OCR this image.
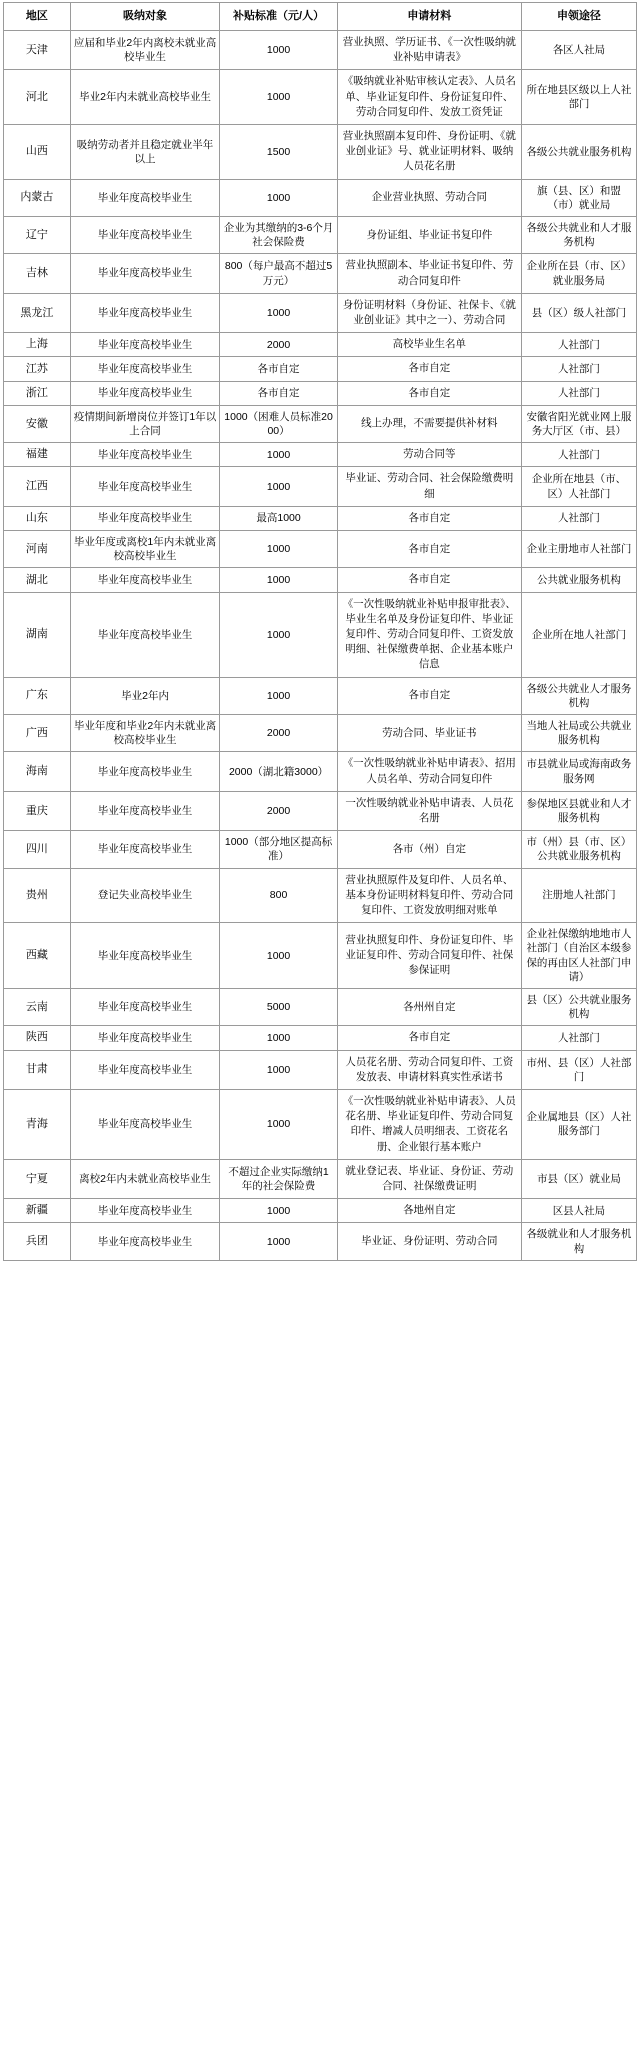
地区	吸纳对象	补贴标准（元/人）	申请材料	申领途径
天津	应届和毕业2年内离校未就业高校毕业生	1000	营业执照、学历证书、《一次性吸纳就业补贴申请表》	各区人社局
河北	毕业2年内未就业高校毕业生	1000	《吸纳就业补贴审核认定表》、人员名单、毕业证复印件、身份证复印件、劳动合同复印件、发放工资凭证	所在地县区级以上人社部门
山西	吸纳劳动者并且稳定就业半年以上	1500	营业执照副本复印件、身份证明、《就业创业证》号、就业证明材料、吸纳人员花名册	各级公共就业服务机构
内蒙古	毕业年度高校毕业生	1000	企业营业执照、劳动合同	旗（县、区）和盟（市）就业局
辽宁	毕业年度高校毕业生	企业为其缴纳的3-6个月社会保险费	身份证组、毕业证书复印件	各级公共就业和人才服务机构
吉林	毕业年度高校毕业生	800（每户最高不超过5万元）	营业执照副本、毕业证书复印件、劳动合同复印件	企业所在县（市、区）就业服务局
黑龙江	毕业年度高校毕业生	1000	身份证明材料（身份证、社保卡、《就业创业证》其中之一）、劳动合同	县（区）级人社部门
上海	毕业年度高校毕业生	2000	高校毕业生名单	人社部门
江苏	毕业年度高校毕业生	各市自定	各市自定	人社部门
浙江	毕业年度高校毕业生	各市自定	各市自定	人社部门
安徽	疫情期间新增岗位并签订1年以上合同	1000（困难人员标准2000）	线上办理，不需要提供补材料	安徽省阳光就业网上服务大厅区（市、县）
福建	毕业年度高校毕业生	1000	劳动合同等	人社部门
江西	毕业年度高校毕业生	1000	毕业证、劳动合同、社会保险缴费明细	企业所在地县（市、区）人社部门
山东	毕业年度高校毕业生	最高1000	各市自定	人社部门
河南	毕业年度或离校1年内未就业离校高校毕业生	1000	各市自定	企业主册地市人社部门
湖北	毕业年度高校毕业生	1000	各市自定	公共就业服务机构
湖南	毕业年度高校毕业生	1000	《一次性吸纳就业补贴申报审批表》、毕业生名单及身份证复印件、毕业证复印件、劳动合同复印件、工资发放明细、社保缴费单据、企业基本账户信息	企业所在地人社部门
广东	毕业2年内	1000	各市自定	各级公共就业人才服务机构
广西	毕业年度和毕业2年内未就业离校高校毕业生	2000	劳动合同、毕业证书	当地人社局或公共就业服务机构
海南	毕业年度高校毕业生	2000（湖北籍3000）	《一次性吸纳就业补贴申请表》、招用人员名单、劳动合同复印件	市县就业局或海南政务服务网
重庆	毕业年度高校毕业生	2000	一次性吸纳就业补贴申请表、人员花名册	参保地区县就业和人才服务机构
四川	毕业年度高校毕业生	1000（部分地区提高标准）	各市（州）自定	市（州）县（市、区）公共就业服务机构
贵州	登记失业高校毕业生	800	营业执照原件及复印件、人员名单、基本身份证明材料复印件、劳动合同复印件、工资发放明细对账单	注册地人社部门
西藏	毕业年度高校毕业生	1000	营业执照复印件、身份证复印件、毕业证复印件、劳动合同复印件、社保参保证明	企业社保缴纳地地市人社部门（自治区本级参保的再由区人社部门申请）
云南	毕业年度高校毕业生	5000	各州州自定	县（区）公共就业服务机构
陕西	毕业年度高校毕业生	1000	各市自定	人社部门
甘肃	毕业年度高校毕业生	1000	人员花名册、劳动合同复印件、工资发放表、申请材料真实性承诺书	市州、县（区）人社部门
青海	毕业年度高校毕业生	1000	《一次性吸纳就业补贴申请表》、人员花名册、毕业证复印件、劳动合同复印件、增减人员明细表、工资花名册、企业银行基本账户	企业属地县（区）人社服务部门
宁夏	离校2年内未就业高校毕业生	不超过企业实际缴纳1年的社会保险费	就业登记表、毕业证、身份证、劳动合同、社保缴费证明	市县（区）就业局
新疆	毕业年度高校毕业生	1000	各地州自定	区县人社局
兵团	毕业年度高校毕业生	1000	毕业证、身份证明、劳动合同	各级就业和人才服务机构
